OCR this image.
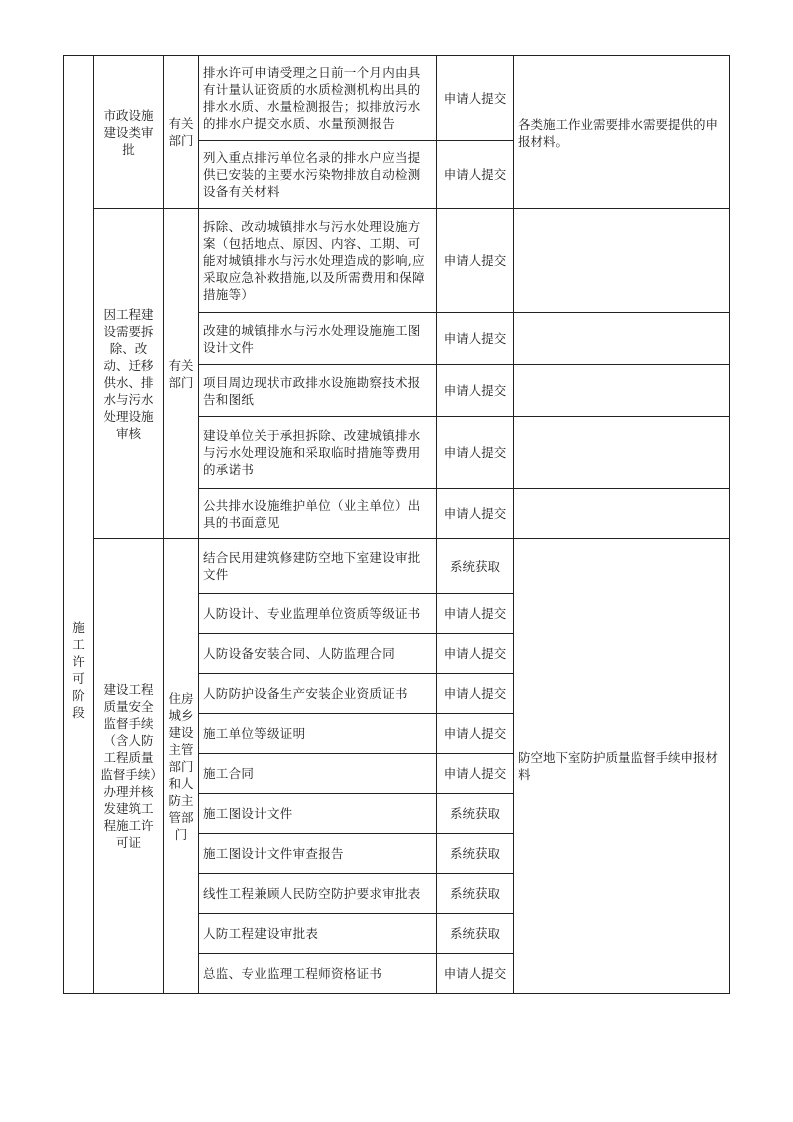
施工许可阶段	市政设施建设类审批	有关部门	排水许可申请受理之日前一个月内由具有计量认证资质的水质检测机构出具的排水水质、水量检测报告；拟排放污水的排水户提交水质、水量预测报告	申请人提交	各类施工作业需要排水需要提供的申报材料。
			列入重点排污单位名录的排水户应当提供已安装的主要水污染物排放自动检测设备有关材料	申请人提交	
	因工程建设需要拆除、改动、迁移供水、排水与污水处理设施审核	有关部门	拆除、改动城镇排水与污水处理设施方案（包括地点、原因、内容、工期、可能对城镇排水与污水处理造成的影响,应采取应急补救措施,以及所需费用和保障措施等）	申请人提交	
			改建的城镇排水与污水处理设施施工图设计文件	申请人提交	
			项目周边现状市政排水设施勘察技术报告和图纸	申请人提交	
			建设单位关于承担拆除、改建城镇排水与污水处理设施和采取临时措施等费用的承诺书	申请人提交	
			公共排水设施维护单位（业主单位）出具的书面意见	申请人提交	
	建设工程质量安全监督手续（含人防工程质量监督手续）办理并核发建筑工程施工许可证	住房城乡建设主管部门和人防主管部门	结合民用建筑修建防空地下室建设审批文件	系统获取	防空地下室防护质量监督手续申报材料
			人防设计、专业监理单位资质等级证书	申请人提交	
			人防设备安装合同、人防监理合同	申请人提交	
			人防防护设备生产安装企业资质证书	申请人提交	
			施工单位等级证明	申请人提交	
			施工合同	申请人提交	
			施工图设计文件	系统获取	
			施工图设计文件审查报告	系统获取	
			线性工程兼顾人民防空防护要求审批表	系统获取	
			人防工程建设审批表	系统获取	
			总监、专业监理工程师资格证书	申请人提交	
